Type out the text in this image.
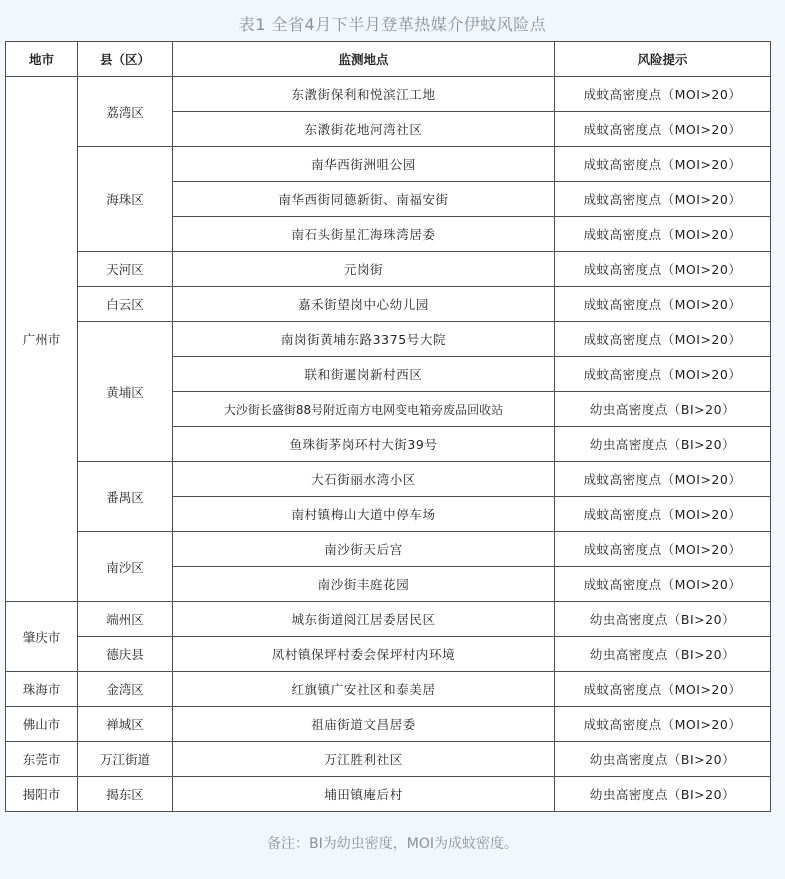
表1 全省4月下半月登革热媒介伊蚊风险点
地市	县（区）	监测地点	风险提示
广州市	荔湾区	东漖街保利和悦滨江工地	成蚊高密度点（MOI>20）
		东漖街花地河湾社区	成蚊高密度点（MOI>20）
	海珠区	南华西街洲咀公园	成蚊高密度点（MOI>20）
		南华西街同德新街、南福安街	成蚊高密度点（MOI>20）
		南石头街星汇海珠湾居委	成蚊高密度点（MOI>20）
	天河区	元岗街	成蚊高密度点（MOI>20）
	白云区	嘉禾街望岗中心幼儿园	成蚊高密度点（MOI>20）
	黄埔区	南岗街黄埔东路3375号大院	成蚊高密度点（MOI>20）
		联和街暹岗新村西区	成蚊高密度点（MOI>20）
		大沙街长盛街88号附近南方电网变电箱旁废品回收站	幼虫高密度点（BI>20）
		鱼珠街茅岗环村大街39号	幼虫高密度点（BI>20）
	番禺区	大石街丽水湾小区	成蚊高密度点（MOI>20）
		南村镇梅山大道中停车场	成蚊高密度点（MOI>20）
	南沙区	南沙街天后宫	成蚊高密度点（MOI>20）
		南沙街丰庭花园	成蚊高密度点（MOI>20）
肇庆市	端州区	城东街道阅江居委居民区	幼虫高密度点（BI>20）
	德庆县	凤村镇保坪村委会保坪村内环境	幼虫高密度点（BI>20）
珠海市	金湾区	红旗镇广安社区和泰美居	成蚊高密度点（MOI>20）
佛山市	禅城区	祖庙街道文昌居委	成蚊高密度点（MOI>20）
东莞市	万江街道	万江胜利社区	幼虫高密度点（BI>20）
揭阳市	揭东区	埔田镇庵后村	幼虫高密度点（BI>20）
备注：BI为幼虫密度，MOI为成蚊密度。
